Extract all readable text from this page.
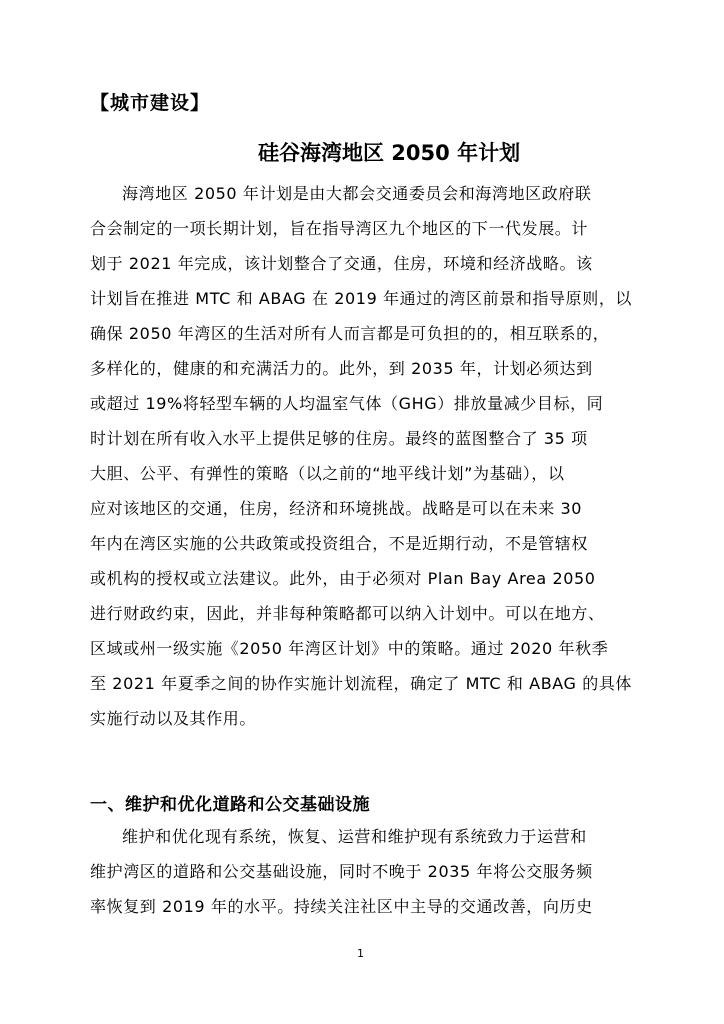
【城市建设】
硅谷海湾地区 2050 年计划
海湾地区 2050 年计划是由大都会交通委员会和海湾地区政府联
合会制定的一项长期计划，旨在指导湾区九个地区的下一代发展。计
划于 2021 年完成，该计划整合了交通，住房，环境和经济战略。该
计划旨在推进 MTC 和 ABAG 在 2019 年通过的湾区前景和指导原则，以
确保 2050 年湾区的生活对所有人而言都是可负担的的，相互联系的，
多样化的，健康的和充满活力的。此外，到 2035 年，计划必须达到
或超过 19%将轻型车辆的人均温室气体（GHG）排放量减少目标，同
时计划在所有收入水平上提供足够的住房。最终的蓝图整合了 35 项
大胆、公平、有弹性的策略（以之前的“地平线计划”为基础），以
应对该地区的交通，住房，经济和环境挑战。战略是可以在未来 30
年内在湾区实施的公共政策或投资组合，不是近期行动，不是管辖权
或机构的授权或立法建议。此外，由于必须对 Plan Bay Area 2050
进行财政约束，因此，并非每种策略都可以纳入计划中。可以在地方、
区域或州一级实施《2050 年湾区计划》中的策略。通过 2020 年秋季
至 2021 年夏季之间的协作实施计划流程，确定了 MTC 和 ABAG 的具体
实施行动以及其作用。
一、维护和优化道路和公交基础设施
维护和优化现有系统，恢复、运营和维护现有系统致力于运营和
维护湾区的道路和公交基础设施，同时不晚于 2035 年将公交服务频
率恢复到 2019 年的水平。持续关注社区中主导的交通改善，向历史
1
